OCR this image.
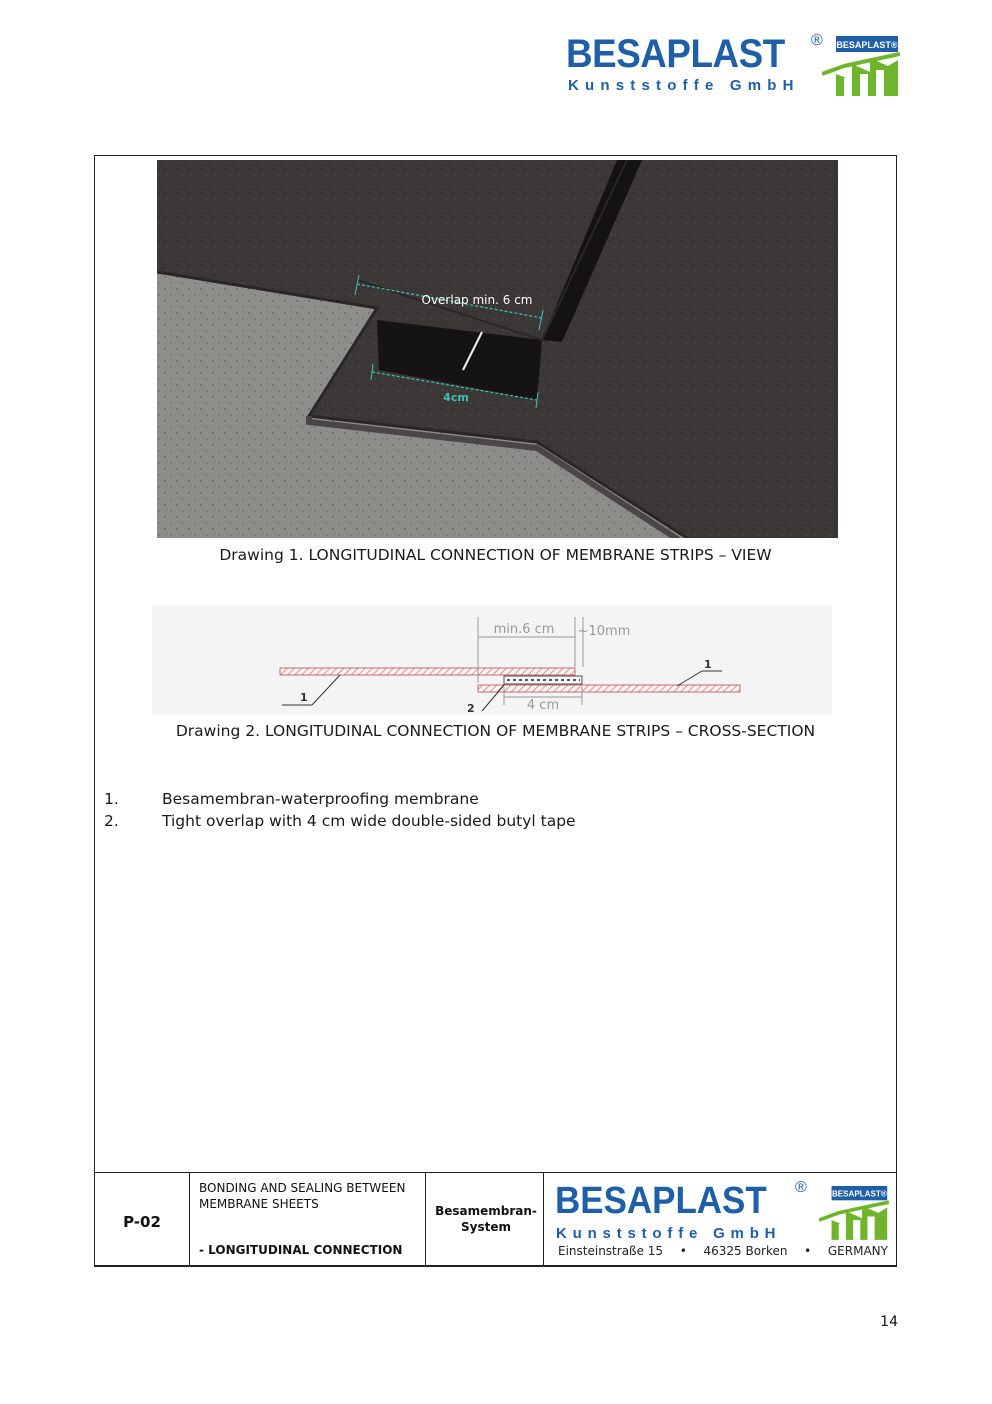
BESAPLAST ®
Kunststoffe GmbH
BESAPLAST®
Overlap min. 6 cm
4cm
Drawing 1. LONGITUDINAL CONNECTION OF MEMBRANE STRIPS – VIEW
min.6 cm ~10mm
4 cm
1
1
2
Drawing 2. LONGITUDINAL CONNECTION OF MEMBRANE STRIPS – CROSS-SECTION
1.	Besamembran-waterproofing membrane
2.	Tight overlap with 4 cm wide double-sided butyl tape
P-02
BONDING AND SEALING BETWEEN MEMBRANE SHEETS
- LONGITUDINAL CONNECTION
Besamembran-
System
BESAPLAST ®
Kunststoffe GmbH
BESAPLAST®
Einsteinstraße 15 • 46325 Borken • GERMANY
14
